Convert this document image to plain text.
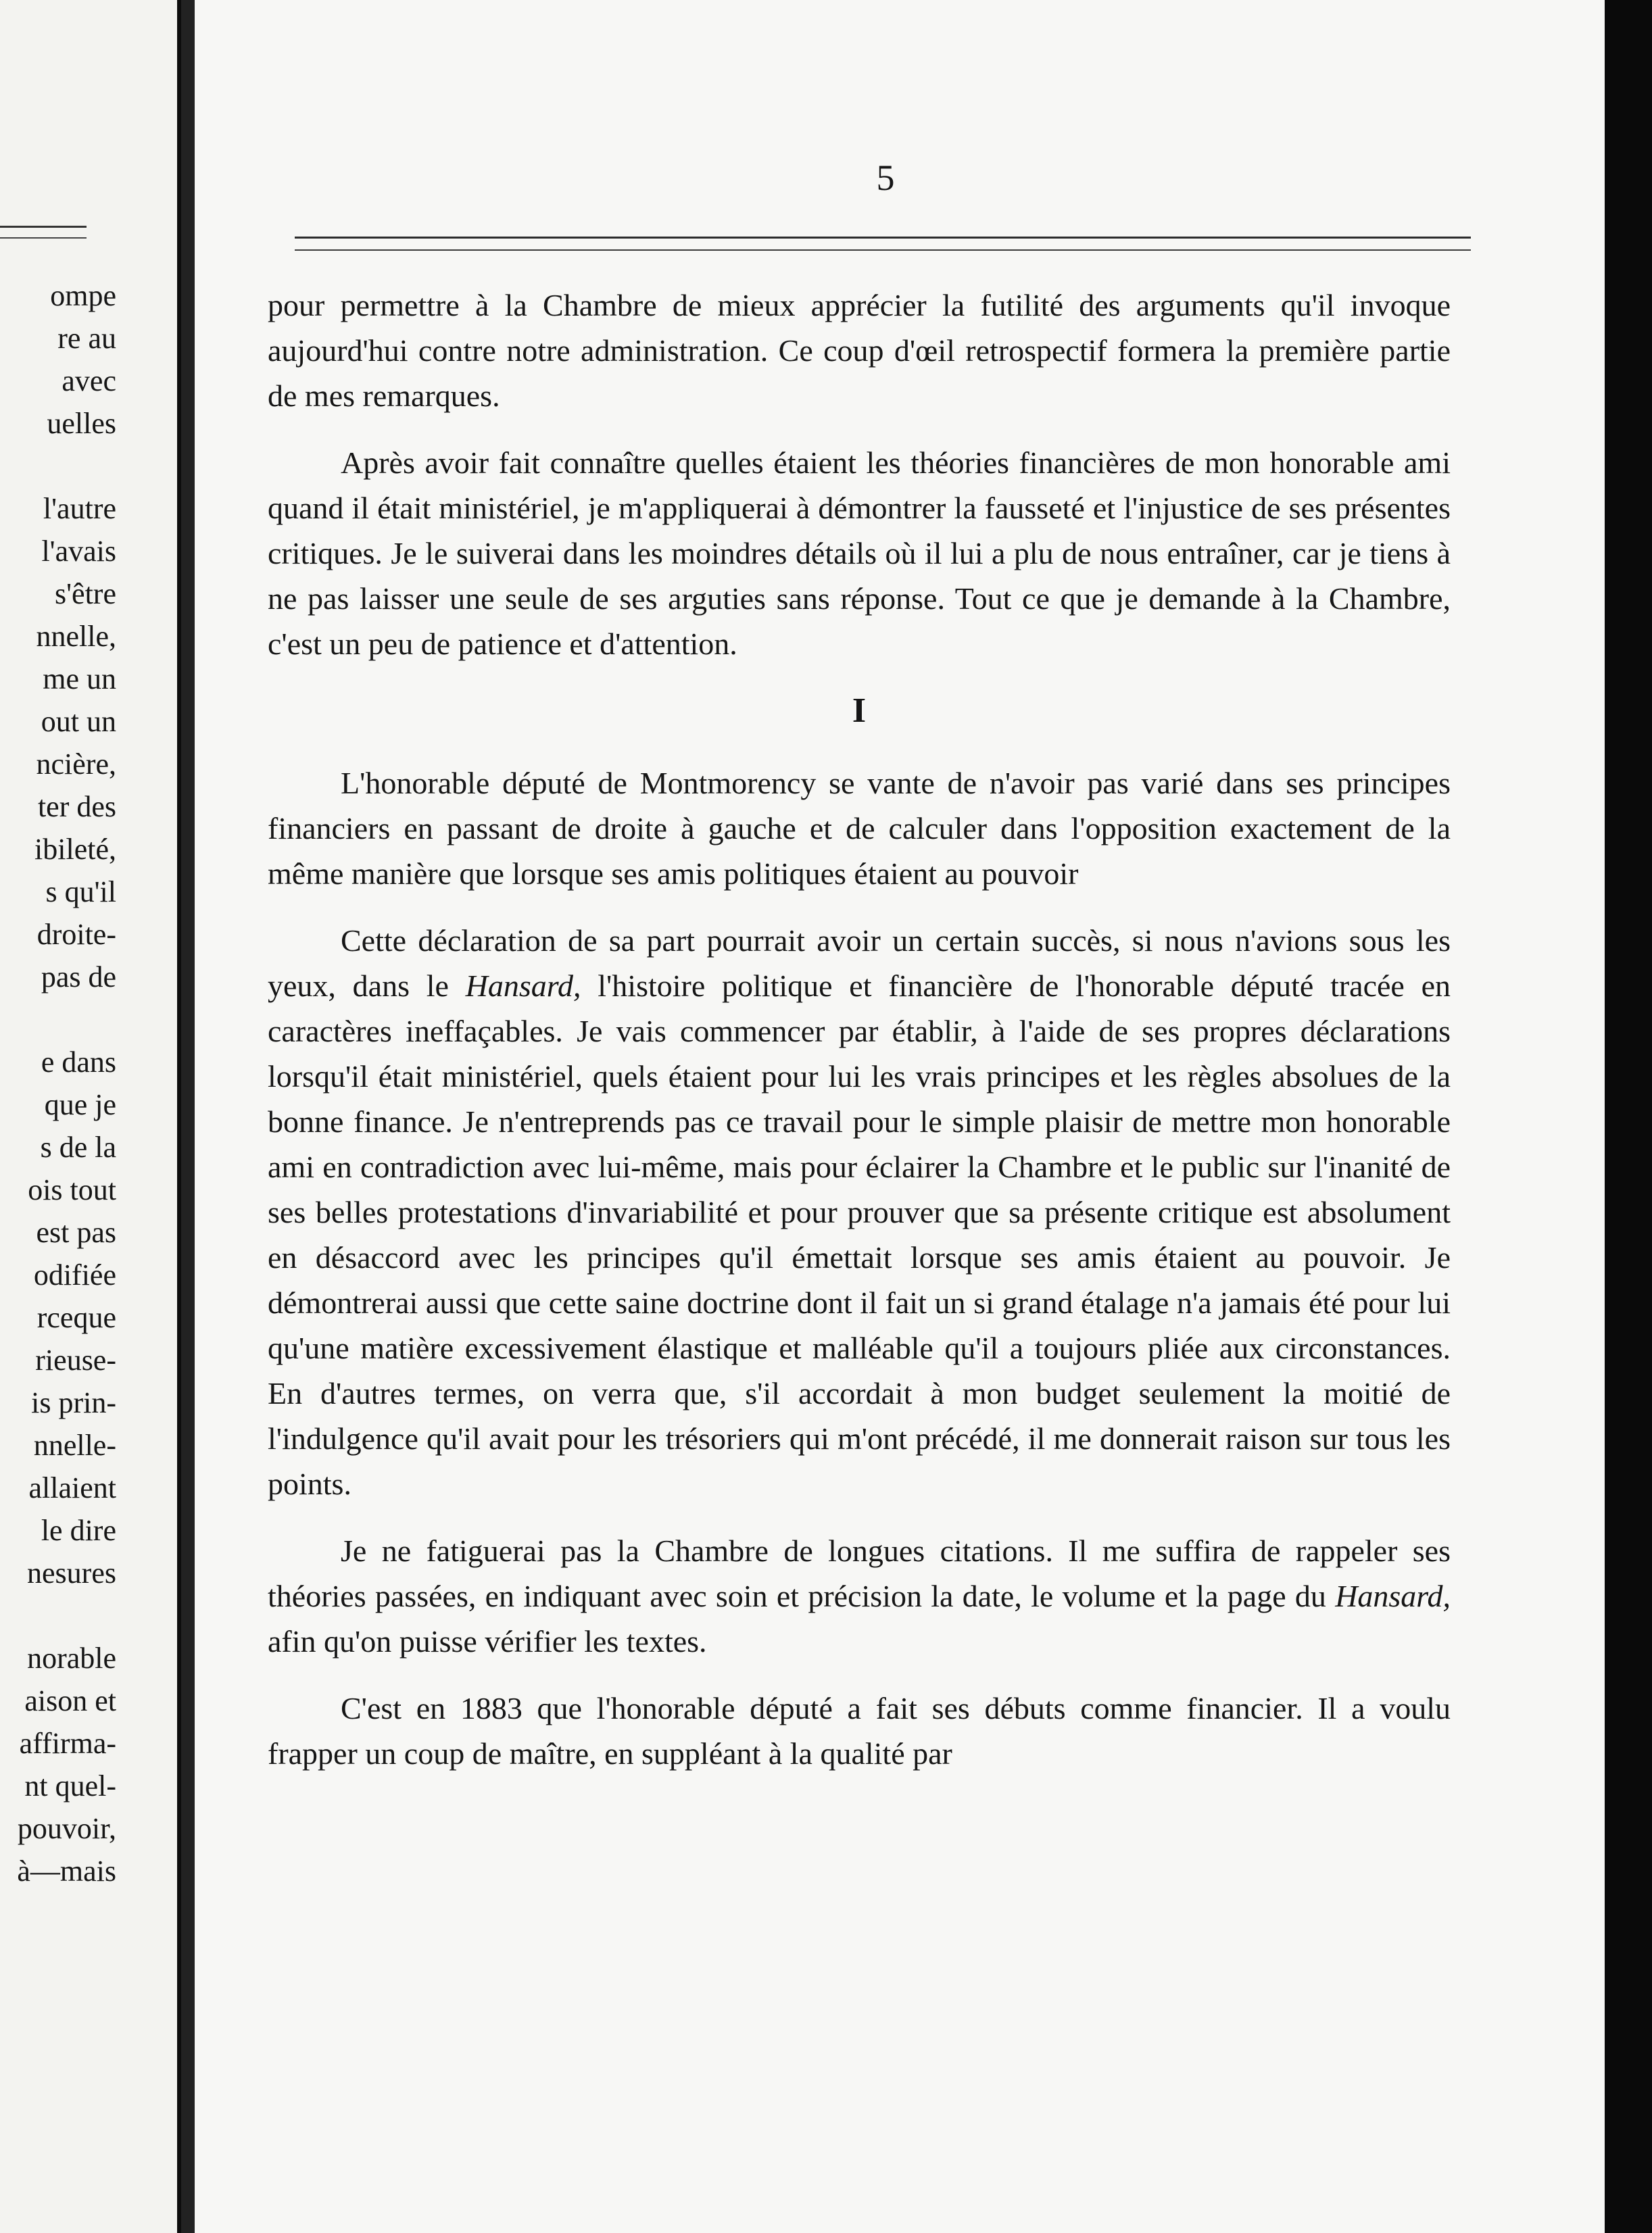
ompe
re au
avec
uelles
l'autre
l'avais
s'être
nnelle,
me un
out un
ncière,
ter des
ibileté,
s qu'il
droite-
pas de
e dans
que je
s de la
ois tout
est pas
odifiée
rceque
rieuse-
is prin-
nnelle-
allaient
le dire
nesures
norable
aison et
affirma-
nt quel-
pouvoir,
à—mais
5

pour permettre à la Chambre de mieux apprécier la futilité des arguments qu'il invoque aujourd'hui contre notre administration. Ce coup d'œil retrospectif formera la première partie de mes remarques.

Après avoir fait connaître quelles étaient les théories financières de mon honorable ami quand il était ministériel, je m'appliquerai à démontrer la fausseté et l'injustice de ses présentes critiques. Je le suiverai dans les moindres détails où il lui a plu de nous entraîner, car je tiens à ne pas laisser une seule de ses arguties sans réponse. Tout ce que je demande à la Chambre, c'est un peu de patience et d'attention.

I

L'honorable député de Montmorency se vante de n'avoir pas varié dans ses principes financiers en passant de droite à gauche et de calculer dans l'opposition exactement de la même manière que lorsque ses amis politiques étaient au pouvoir

Cette déclaration de sa part pourrait avoir un certain succès, si nous n'avions sous les yeux, dans le Hansard, l'histoire politique et financière de l'honorable député tracée en caractères ineffaçables. Je vais commencer par établir, à l'aide de ses propres déclarations lorsqu'il était ministériel, quels étaient pour lui les vrais principes et les règles absolues de la bonne finance. Je n'entreprends pas ce travail pour le simple plaisir de mettre mon honorable ami en contradiction avec lui-même, mais pour éclairer la Chambre et le public sur l'inanité de ses belles protestations d'invariabilité et pour prouver que sa présente critique est absolument en désaccord avec les principes qu'il émettait lorsque ses amis étaient au pouvoir. Je démontrerai aussi que cette saine doctrine dont il fait un si grand étalage n'a jamais été pour lui qu'une matière excessivement élastique et malléable qu'il a toujours pliée aux circonstances. En d'autres termes, on verra que, s'il accordait à mon budget seulement la moitié de l'indulgence qu'il avait pour les trésoriers qui m'ont précédé, il me donnerait raison sur tous les points.

Je ne fatiguerai pas la Chambre de longues citations. Il me suffira de rappeler ses théories passées, en indiquant avec soin et précision la date, le volume et la page du Hansard, afin qu'on puisse vérifier les textes.

C'est en 1883 que l'honorable député a fait ses débuts comme financier. Il a voulu frapper un coup de maître, en suppléant à la qualité par
